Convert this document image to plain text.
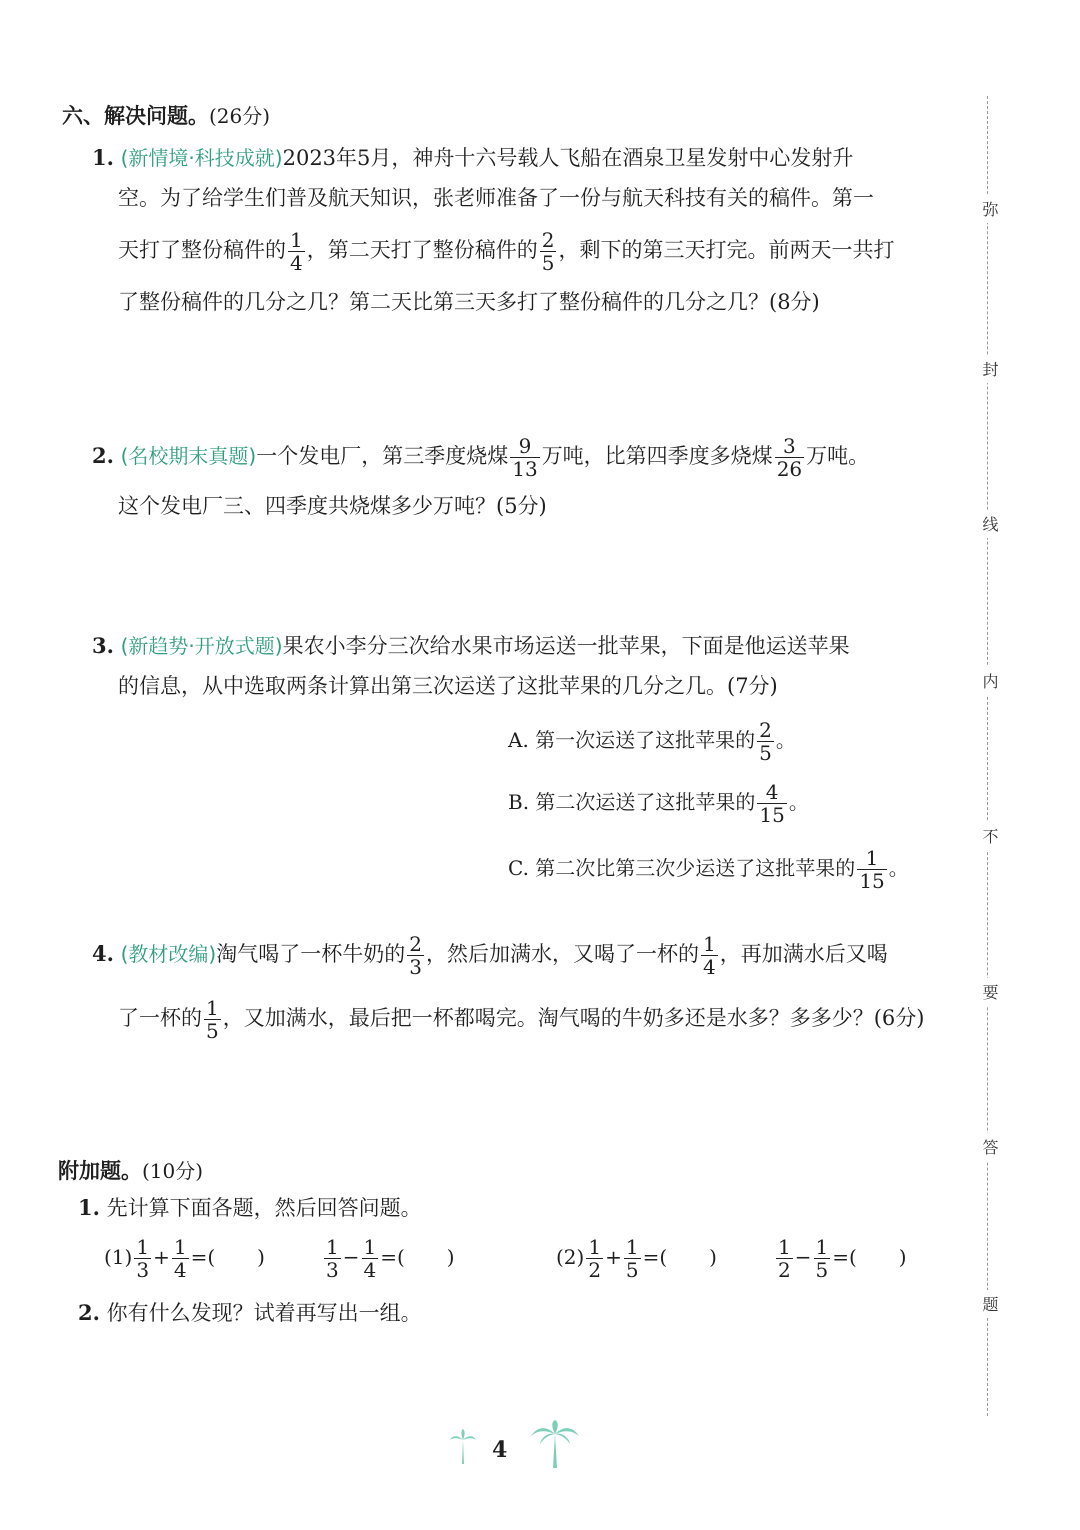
六、解决问题。(26分)
1. (新情境·科技成就)2023年5月，神舟十六号载人飞船在酒泉卫星发射中心发射升
空。为了给学生们普及航天知识，张老师准备了一份与航天科技有关的稿件。第一
天打了整份稿件的 $\frac{1}{4}$ ，第二天打了整份稿件的 $\frac{2}{5}$ ，剩下的第三天打完。前两天一共打
了整份稿件的几分之几？第二天比第三天多打了整份稿件的几分之几？(8分)
2. (名校期末真题)一个发电厂，第三季度烧煤 $\frac{9}{13}$ 万吨，比第四季度多烧煤 $\frac{3}{26}$ 万吨。
这个发电厂三、四季度共烧煤多少万吨？(5分)
3. (新趋势·开放式题)果农小李分三次给水果市场运送一批苹果，下面是他运送苹果
的信息，从中选取两条计算出第三次运送了这批苹果的几分之几。(7分)
A. 第一次运送了这批苹果的 $\frac{2}{5}$ 。
B. 第二次运送了这批苹果的 $\frac{4}{15}$ 。
C. 第二次比第三次少运送了这批苹果的 $\frac{1}{15}$ 。
4. (教材改编)淘气喝了一杯牛奶的 $\frac{2}{3}$ ，然后加满水，又喝了一杯的 $\frac{1}{4}$ ，再加满水后又喝
了一杯的 $\frac{1}{5}$ ，又加满水，最后把一杯都喝完。淘气喝的牛奶多还是水多？多多少？(6分)
附加题。(10分)
1. 先计算下面各题，然后回答问题。
$(1) \frac{1}{3} + \frac{1}{4}$ =( )	$\frac{1}{3} - \frac{1}{4}$ =( )	$(2) \frac{1}{2} + \frac{1}{5}$ =( )	$\frac{1}{2} - \frac{1}{5}$ =( )
2. 你有什么发现？试着再写出一组。
弥
封
线
内
不
要
答
题
4
